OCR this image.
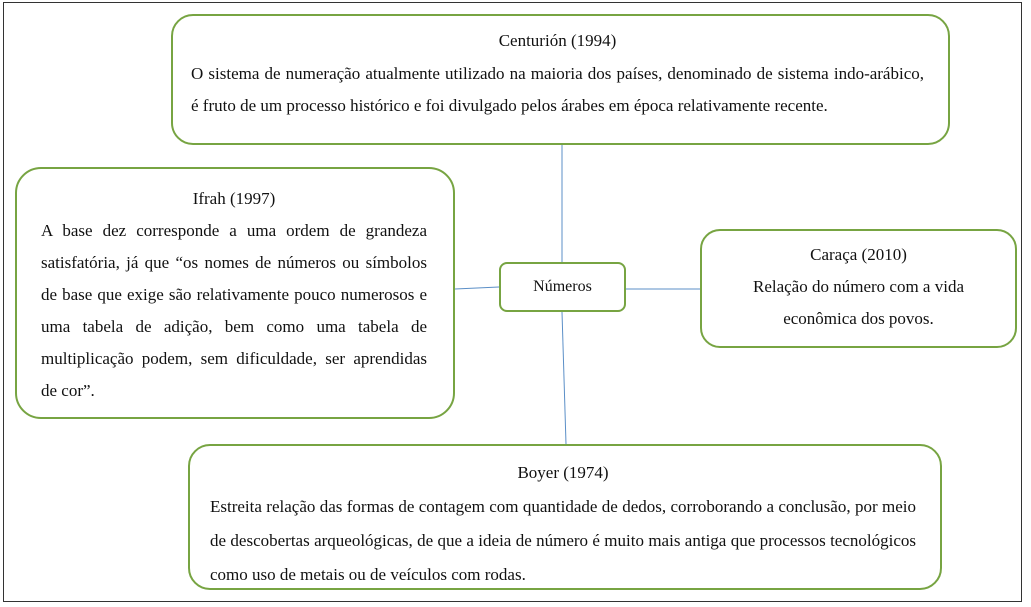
Centurión (1994)
O sistema de numeração atualmente utilizado na maioria dos países, denominado de sistema indo-arábico, é fruto de um processo histórico e foi divulgado pelos árabes em época relativamente recente.
Ifrah (1997)
A base dez corresponde a uma ordem de grandeza satisfatória, já que “os nomes de números ou símbolos de base que exige são relativamente pouco numerosos e uma tabela de adição, bem como uma tabela de multiplicação podem, sem dificuldade, ser aprendidas de cor”.
Números
Caraça (2010)
Relação do número com a vida econômica dos povos.
Boyer (1974)
Estreita relação das formas de contagem com quantidade de dedos, corroborando a conclusão, por meio de descobertas arqueológicas, de que a ideia de número é muito mais antiga que processos tecnológicos como uso de metais ou de veículos com rodas.
